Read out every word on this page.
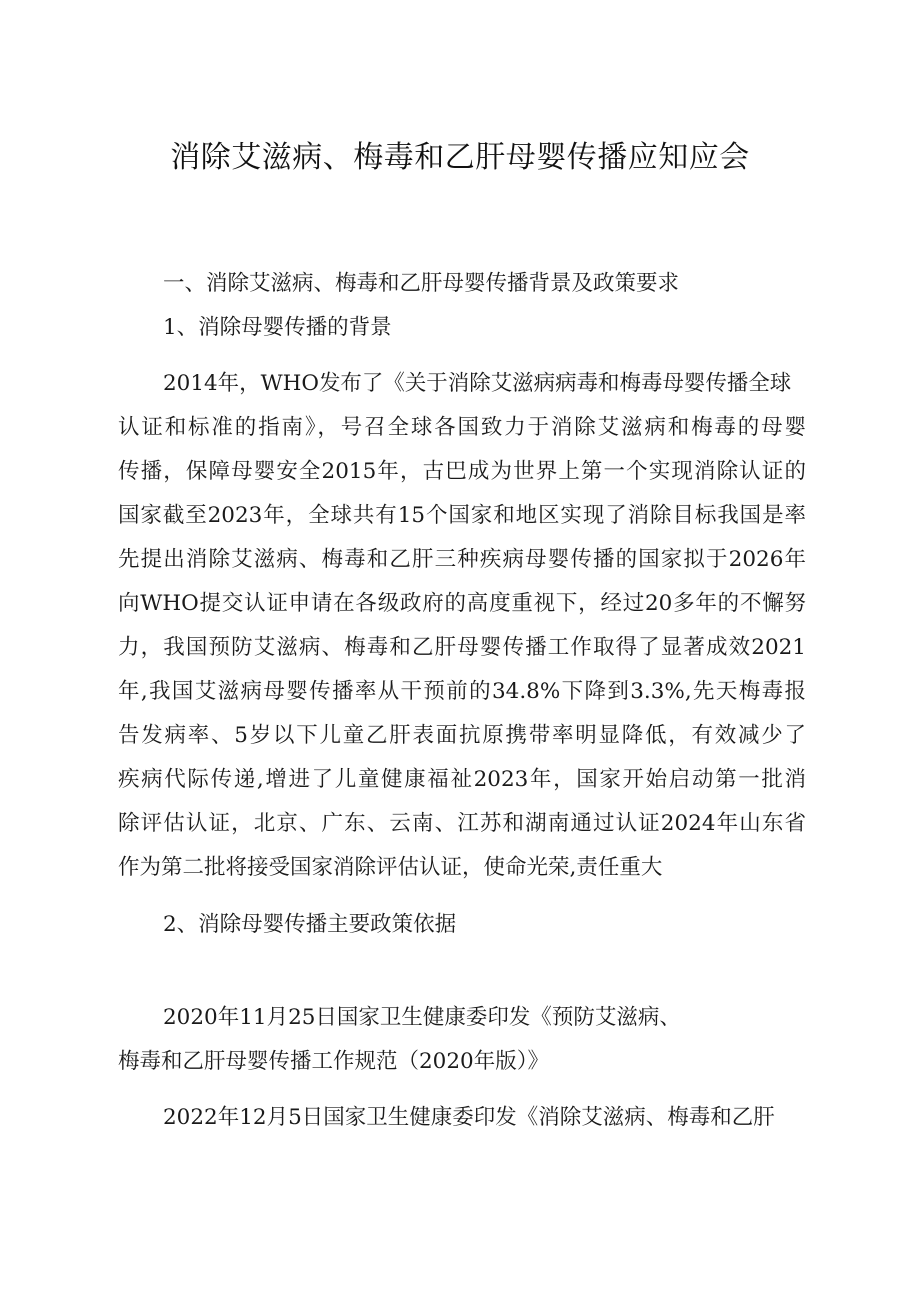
消除艾滋病、梅毒和乙肝母婴传播应知应会
一、消除艾滋病、梅毒和乙肝母婴传播背景及政策要求
1、消除母婴传播的背景
2014年，WHO发布了《关于消除艾滋病病毒和梅毒母婴传播全球
认证和标准的指南》，号召全球各国致力于消除艾滋病和梅毒的母婴
传播，保障母婴安全2015年，古巴成为世界上第一个实现消除认证的
国家截至2023年，全球共有15个国家和地区实现了消除目标我国是率
先提出消除艾滋病、梅毒和乙肝三种疾病母婴传播的国家拟于2026年
向WHO提交认证申请在各级政府的高度重视下，经过20多年的不懈努
力，我国预防艾滋病、梅毒和乙肝母婴传播工作取得了显著成效2021
年,我国艾滋病母婴传播率从干预前的34.8%下降到3.3%,先天梅毒报
告发病率、5岁以下儿童乙肝表面抗原携带率明显降低，有效减少了
疾病代际传递,增进了儿童健康福祉2023年，国家开始启动第一批消
除评估认证，北京、广东、云南、江苏和湖南通过认证2024年山东省
作为第二批将接受国家消除评估认证，使命光荣,责任重大
2、消除母婴传播主要政策依据
2020年11月25日国家卫生健康委印发《预防艾滋病、
梅毒和乙肝母婴传播工作规范（2020年版）》
2022年12月5日国家卫生健康委印发《消除艾滋病、梅毒和乙肝
